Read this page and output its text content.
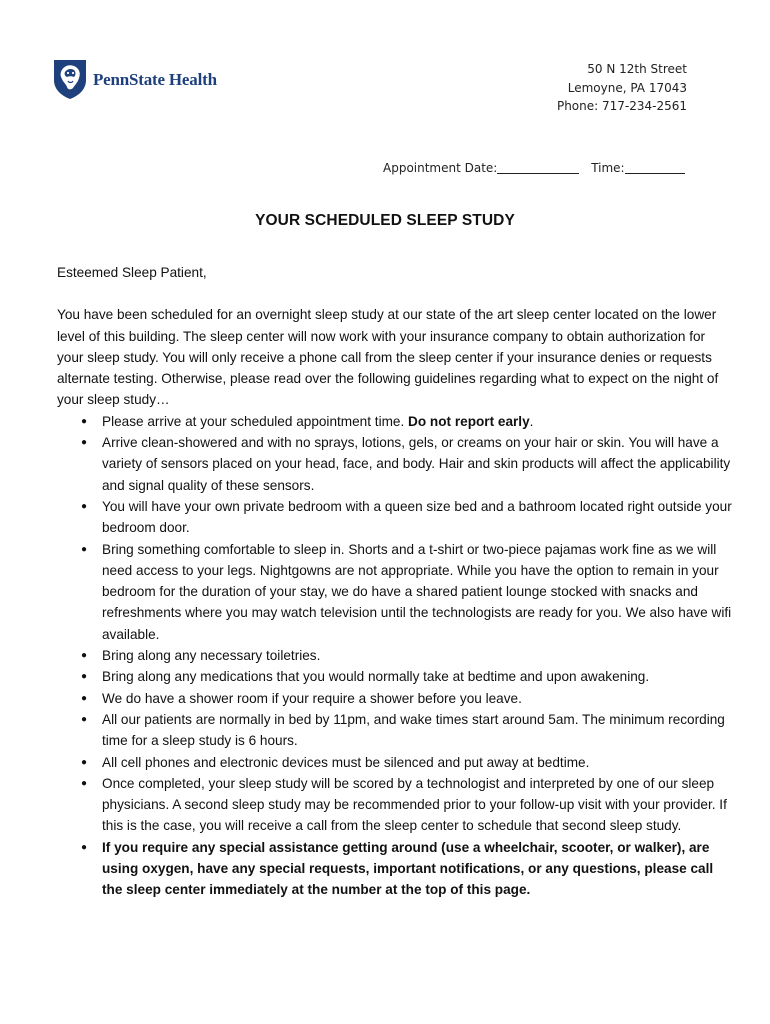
PennState Health
50 N 12th Street
Lemoyne, PA 17043
Phone: 717-234-2561
Appointment Date:	Time:
YOUR SCHEDULED SLEEP STUDY

Esteemed Sleep Patient,

You have been scheduled for an overnight sleep study at our state of the art sleep center located on the lower level of this building. The sleep center will now work with your insurance company to obtain authorization for your sleep study. You will only receive a phone call from the sleep center if your insurance denies or requests alternate testing. Otherwise, please read over the following guidelines regarding what to expect on the night of your sleep study…

● Please arrive at your scheduled appointment time. Do not report early.
● Arrive clean-showered and with no sprays, lotions, gels, or creams on your hair or skin. You will have a variety of sensors placed on your head, face, and body. Hair and skin products will affect the applicability and signal quality of these sensors.
● You will have your own private bedroom with a queen size bed and a bathroom located right outside your bedroom door.
● Bring something comfortable to sleep in. Shorts and a t-shirt or two-piece pajamas work fine as we will need access to your legs. Nightgowns are not appropriate. While you have the option to remain in your bedroom for the duration of your stay, we do have a shared patient lounge stocked with snacks and refreshments where you may watch television until the technologists are ready for you. We also have wifi available.
● Bring along any necessary toiletries.
● Bring along any medications that you would normally take at bedtime and upon awakening.
● We do have a shower room if your require a shower before you leave.
● All our patients are normally in bed by 11pm, and wake times start around 5am. The minimum recording time for a sleep study is 6 hours.
● All cell phones and electronic devices must be silenced and put away at bedtime.
● Once completed, your sleep study will be scored by a technologist and interpreted by one of our sleep physicians. A second sleep study may be recommended prior to your follow-up visit with your provider. If this is the case, you will receive a call from the sleep center to schedule that second sleep study.
● If you require any special assistance getting around (use a wheelchair, scooter, or walker), are using oxygen, have any special requests, important notifications, or any questions, please call the sleep center immediately at the number at the top of this page.
